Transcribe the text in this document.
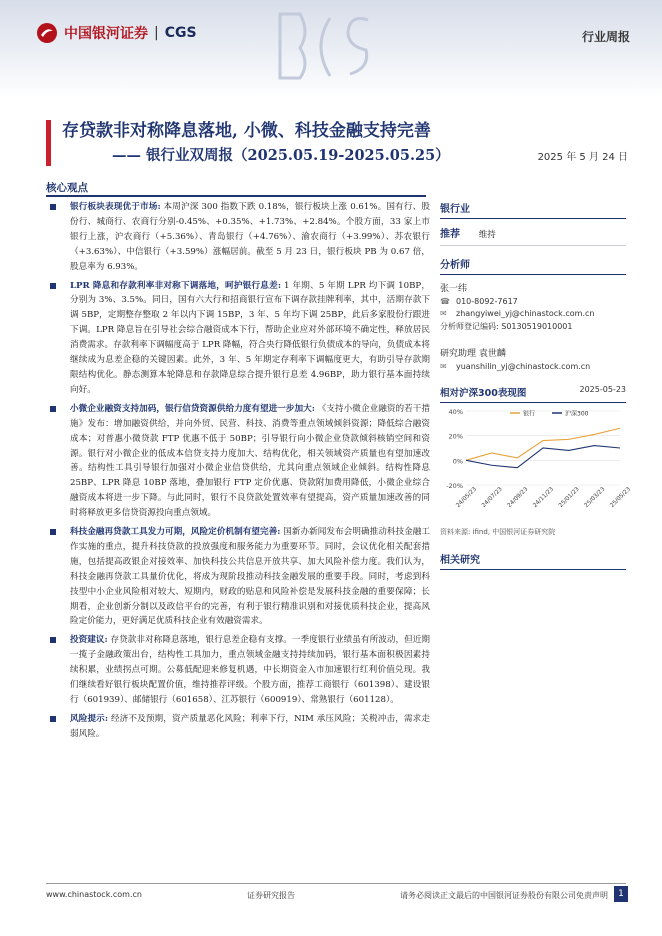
中国银河证券 | CGS	行业周报
存贷款非对称降息落地, 小微、科技金融支持完善
—— 银行业双周报（2025.05.19-2025.05.25）	2025 年 5 月 24 日
核心观点
银行板块表现优于市场: 本周沪深 300 指数下跌 0.18%，银行板块上涨 0.61%。国有行、股份行、城商行、农商行分别-0.45%、+0.35%、+1.73%、+2.84%。个股方面，33 家上市银行上涨，沪农商行（+5.36%）、青岛银行（+4.76%）、渝农商行（+3.99%）、苏农银行（+3.63%）、中信银行（+3.59%）涨幅居前。截至 5 月 23 日，银行板块 PB 为 0.67 倍，股息率为 6.93%。
LPR 降息和存款利率非对称下调落地，呵护银行息差: 1 年期、5 年期 LPR 均下调 10BP，分别为 3%、3.5%。同日，国有六大行和招商银行宣布下调存款挂牌利率，其中，活期存款下调 5BP，定期整存整取 2 年以内下调 15BP，3 年、5 年均下调 25BP，此后多家股份行跟进下调。LPR 降息旨在引导社会综合融资成本下行，帮助企业应对外部环境不确定性，释放居民消费需求。存款利率下调幅度高于 LPR 降幅，符合央行降低银行负债成本的导向，负债成本将继续成为息差企稳的关键因素。此外，3 年、5 年期定存利率下调幅度更大，有助引导存款期限结构优化。静态测算本轮降息和存款降息综合提升银行息差 4.96BP，助力银行基本面持续向好。
小微企业融资支持加码，银行信贷资源供给力度有望进一步加大: 《支持小微企业融资的若干措施》发布：增加融资供给，并向外贸、民营、科技、消费等重点领域倾斜资源；降低综合融资成本；对普惠小微贷款 FTP 优惠不低于 50BP；引导银行向小微企业贷款倾斜核销空间和资源。银行对小微企业的低成本信贷支持力度加大、结构优化，相关领域资产质量也有望加速改善。结构性工具引导银行加强对小微企业信贷供给，尤其向重点领域企业倾斜。结构性降息 25BP、LPR 降息 10BP 落地，叠加银行 FTP 定价优惠、贷款附加费用降低，小微企业综合融资成本将进一步下降。与此同时，银行不良贷款处置效率有望提高，资产质量加速改善的同时将释放更多信贷资源投向重点领域。
科技金融再贷款工具发力可期，风险定价机制有望完善: 国新办新闻发布会明确推动科技金融工作实施的重点，提升科技贷款的投放强度和服务能力为重要环节。同时，会议优化相关配套措施，包括提高政银企对接效率、加快科技公共信息开放共享、加大风险补偿力度。我们认为，科技金融再贷款工具量价优化，将成为现阶段推动科技金融发展的重要手段。同时，考虑到科技型中小企业风险相对较大、短期内，财政的贴息和风险补偿是发展科技金融的重要保障；长期看，企业创新分制以及政信平台的完善，有利于银行精准识别和对接优质科技企业，提高风险定价能力，更好满足优质科技企业有效融资需求。
投资建议: 存贷款非对称降息落地，银行息差企稳有支撑。一季度银行业绩虽有所波动，但近期一揽子金融政策出台，结构性工具加力，重点领域金融支持持续加码，银行基本面积极因素持续积累，业绩拐点可期。公募低配迎来修复机遇，中长期资金入市加速银行红利价值兑现。我们继续看好银行板块配置价值，维持推荐评级。个股方面，推荐工商银行（601398）、建设银行（601939）、邮储银行（601658）、江苏银行（600919）、常熟银行（601128）。
风险提示: 经济不及预期，资产质量恶化风险；利率下行，NIM 承压风险；关税冲击，需求走弱风险。
银行业
推荐 维持
分析师
张一纬
☎ 010-8092-7617
✉	zhangyiwei_yj@chinastock.com.cn
分析师登记编码: S0130519010001
研究助理 袁世麟
✉	yuanshilin_yj@chinastock.com.cn
相对沪深300表现图	2025-05-23
40%
20%
0%
-20%
24/05/23 24/07/23 24/09/23 24/11/23 25/01/23 25/03/23 25/05/23
银行	沪深300
资料来源: ifind, 中国银河证券研究院
相关研究
www.chinastock.com.cn	证券研究报告	请务必阅读正文最后的中国银河证券股份有限公司免责声明	1
